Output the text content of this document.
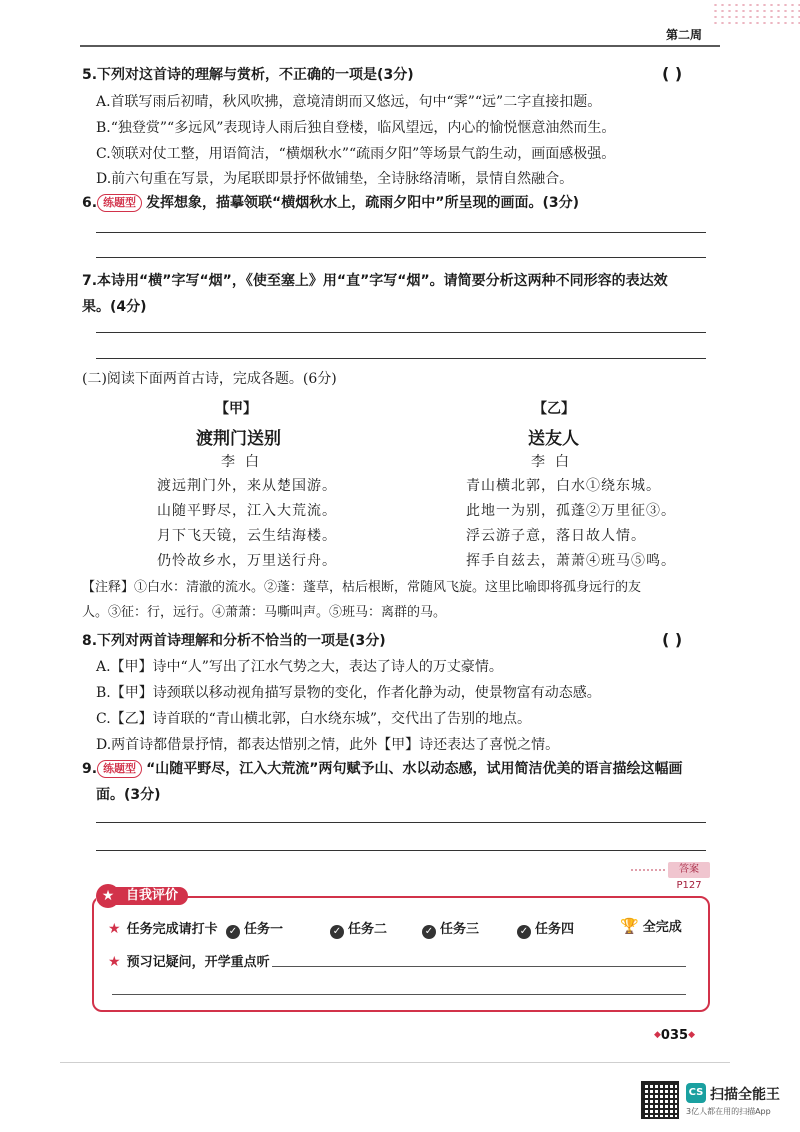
第二周
5.下列对这首诗的理解与赏析，不正确的一项是(3分)	( )
A.首联写雨后初晴，秋风吹拂，意境清朗而又悠远，句中“霁”“远”二字直接扣题。
B.“独登赏”“多远风”表现诗人雨后独自登楼，临风望远，内心的愉悦惬意油然而生。
C.领联对仗工整，用语简洁，“横烟秋水”“疏雨夕阳”等场景气韵生动，画面感极强。
D.前六句重在写景，为尾联即景抒怀做铺垫，全诗脉络清晰，景情自然融合。
6. 练题型 发挥想象，描摹领联“横烟秋水上，疏雨夕阳中”所呈现的画面。(3分)
7.本诗用“横”字写“烟”，《使至塞上》用“直”字写“烟”。请简要分析这两种不同形容的表达效
果。(4分)
(二)阅读下面两首古诗，完成各题。(6分)
【甲】
渡荆门送别
李白
渡远荆门外，来从楚国游。
山随平野尽，江入大荒流。
月下飞天镜，云生结海楼。
仍怜故乡水，万里送行舟。
【乙】
送友人
李白
青山横北郭，白水①绕东城。
此地一为别，孤蓬②万里征③。
浮云游子意，落日故人情。
挥手自兹去，萧萧④班马⑤鸣。
【注释】①白水：清澈的流水。②蓬：蓬草，枯后根断，常随风飞旋。这里比喻即将孤身远行的友
人。③征：行，远行。④萧萧：马嘶叫声。⑤班马：离群的马。
8.下列对两首诗理解和分析不恰当的一项是(3分)	( )
A.【甲】诗中“人”写出了江水气势之大，表达了诗人的万丈豪情。
B.【甲】诗颈联以移动视角描写景物的变化，作者化静为动，使景物富有动态感。
C.【乙】诗首联的“青山横北郭，白水绕东城”，交代出了告别的地点。
D.两首诗都借景抒情，都表达惜别之情，此外【甲】诗还表达了喜悦之情。
9. 练题型 “山随平野尽，江入大荒流”两句赋予山、水以动态感，试用简洁优美的语言描绘这幅画
面。(3分)
答案P127
自我评价
★
★ 任务完成请打卡 ✓ 任务一	✓ 任务二	✓ 任务三	✓ 任务四	🏆 全完成
★ 预习记疑问，开学重点听
◆035◆
CS 扫描全能王
3亿人都在用的扫描App
